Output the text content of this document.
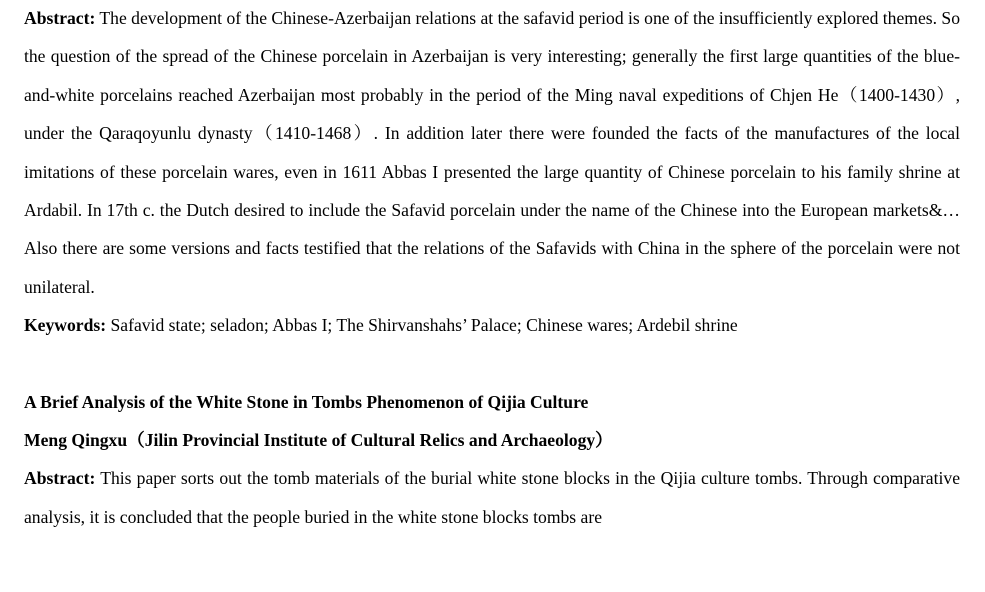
Abstract: The development of the Chinese-Azerbaijan relations at the safavid period is one of the insufficiently explored themes. So the question of the spread of the Chinese porcelain in Azerbaijan is very interesting; generally the first large quantities of the blue-and-white porcelains reached Azerbaijan most probably in the period of the Ming naval expeditions of Chjen He（1400-1430）, under the Qaraqoyunlu dynasty（1410-1468）. In addition later there were founded the facts of the manufactures of the local imitations of these porcelain wares, even in 1611 Abbas I presented the large quantity of Chinese porcelain to his family shrine at Ardabil. In 17th c. the Dutch desired to include the Safavid porcelain under the name of the Chinese into the European markets&… Also there are some versions and facts testified that the relations of the Safavids with China in the sphere of the porcelain were not unilateral.

Keywords: Safavid state; seladon; Abbas I; The Shirvanshahs’ Palace; Chinese wares; Ardebil shrine

A Brief Analysis of the White Stone in Tombs Phenomenon of Qijia Culture

Meng Qingxu（Jilin Provincial Institute of Cultural Relics and Archaeology）

Abstract: This paper sorts out the tomb materials of the burial white stone blocks in the Qijia culture tombs. Through comparative analysis, it is concluded that the people buried in the white stone blocks tombs are
